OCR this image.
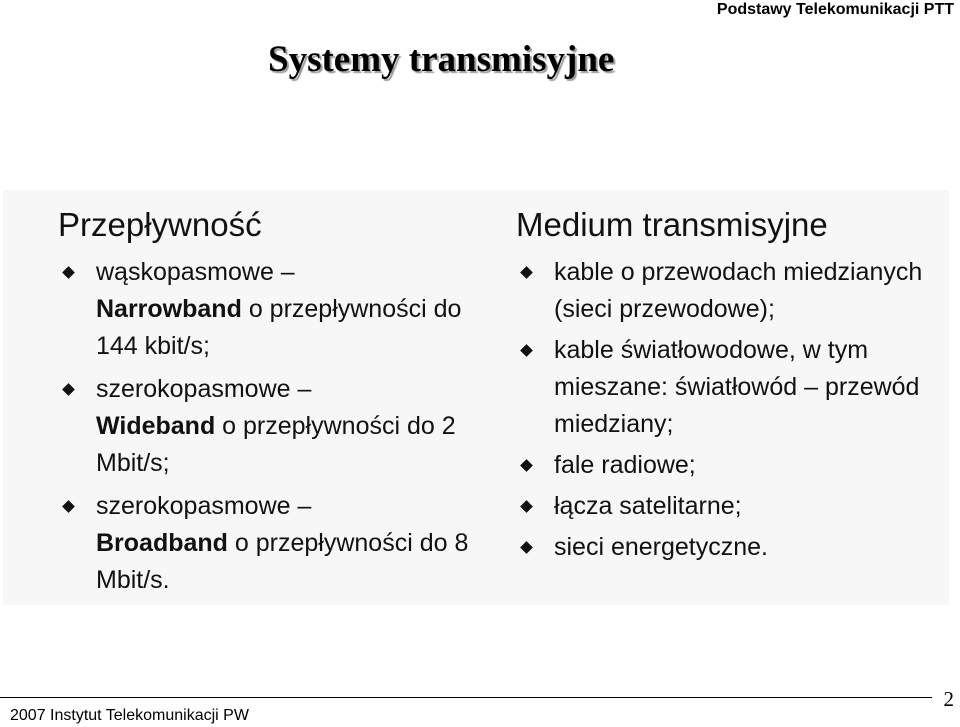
Podstawy Telekomunikacji PTT
Systemy transmisyjne
Przepływność
wąskopasmowe –
Narrowband o przepływności do 144 kbit/s;
szerokopasmowe –
Wideband o przepływności do 2 Mbit/s;
szerokopasmowe –
Broadband o przepływności do 8 Mbit/s.
Medium transmisyjne
kable o przewodach miedzianych (sieci przewodowe);
kable światłowodowe, w tym mieszane: światłowód – przewód miedziany;
fale radiowe;
łącza satelitarne;
sieci energetyczne.
2007 Instytut Telekomunikacji PW
2
